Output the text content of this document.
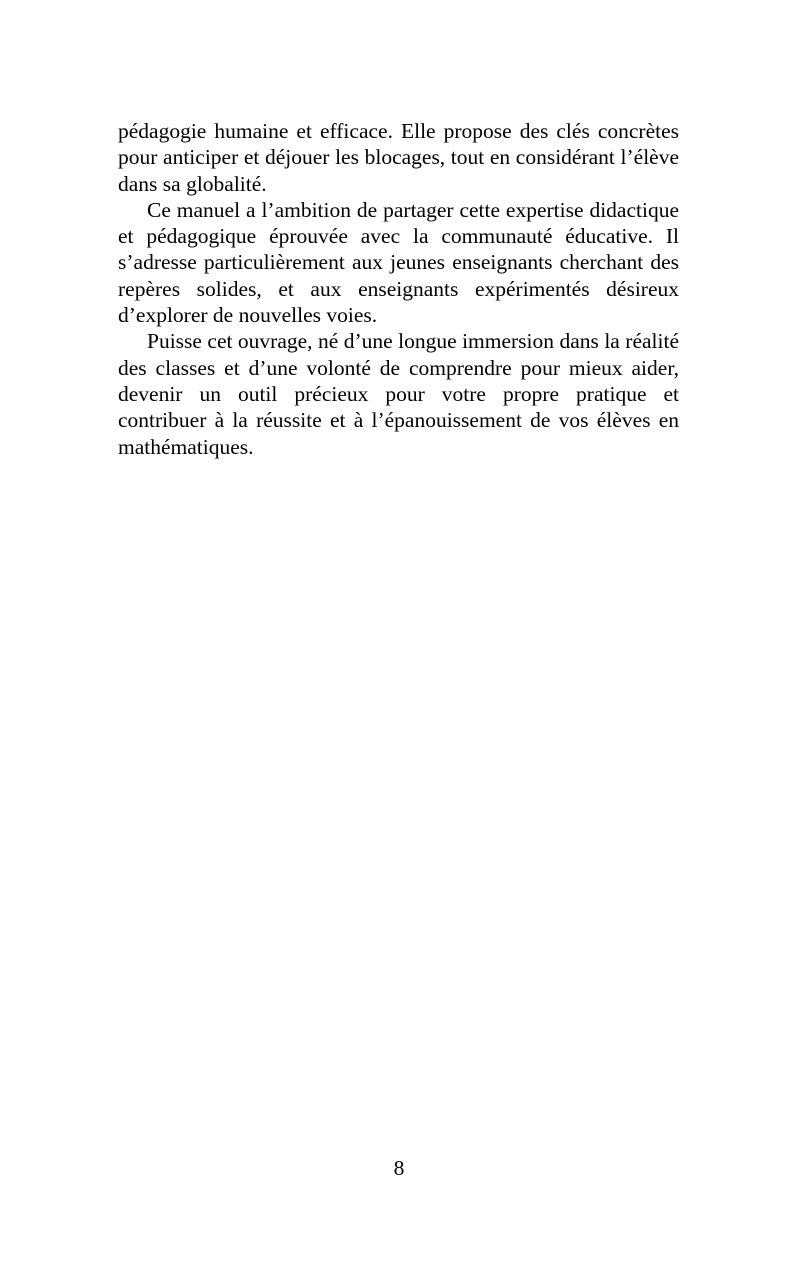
pédagogie humaine et efficace. Elle propose des clés concrètes pour anticiper et déjouer les blocages, tout en considérant l’élève dans sa globalité.

Ce manuel a l’ambition de partager cette expertise didactique et pédagogique éprouvée avec la communauté éducative. Il s’adresse particulièrement aux jeunes enseignants cherchant des repères solides, et aux enseignants expérimentés désireux d’explorer de nouvelles voies.

Puisse cet ouvrage, né d’une longue immersion dans la réalité des classes et d’une volonté de comprendre pour mieux aider, devenir un outil précieux pour votre propre pratique et contribuer à la réussite et à l’épanouissement de vos élèves en mathématiques.

8
